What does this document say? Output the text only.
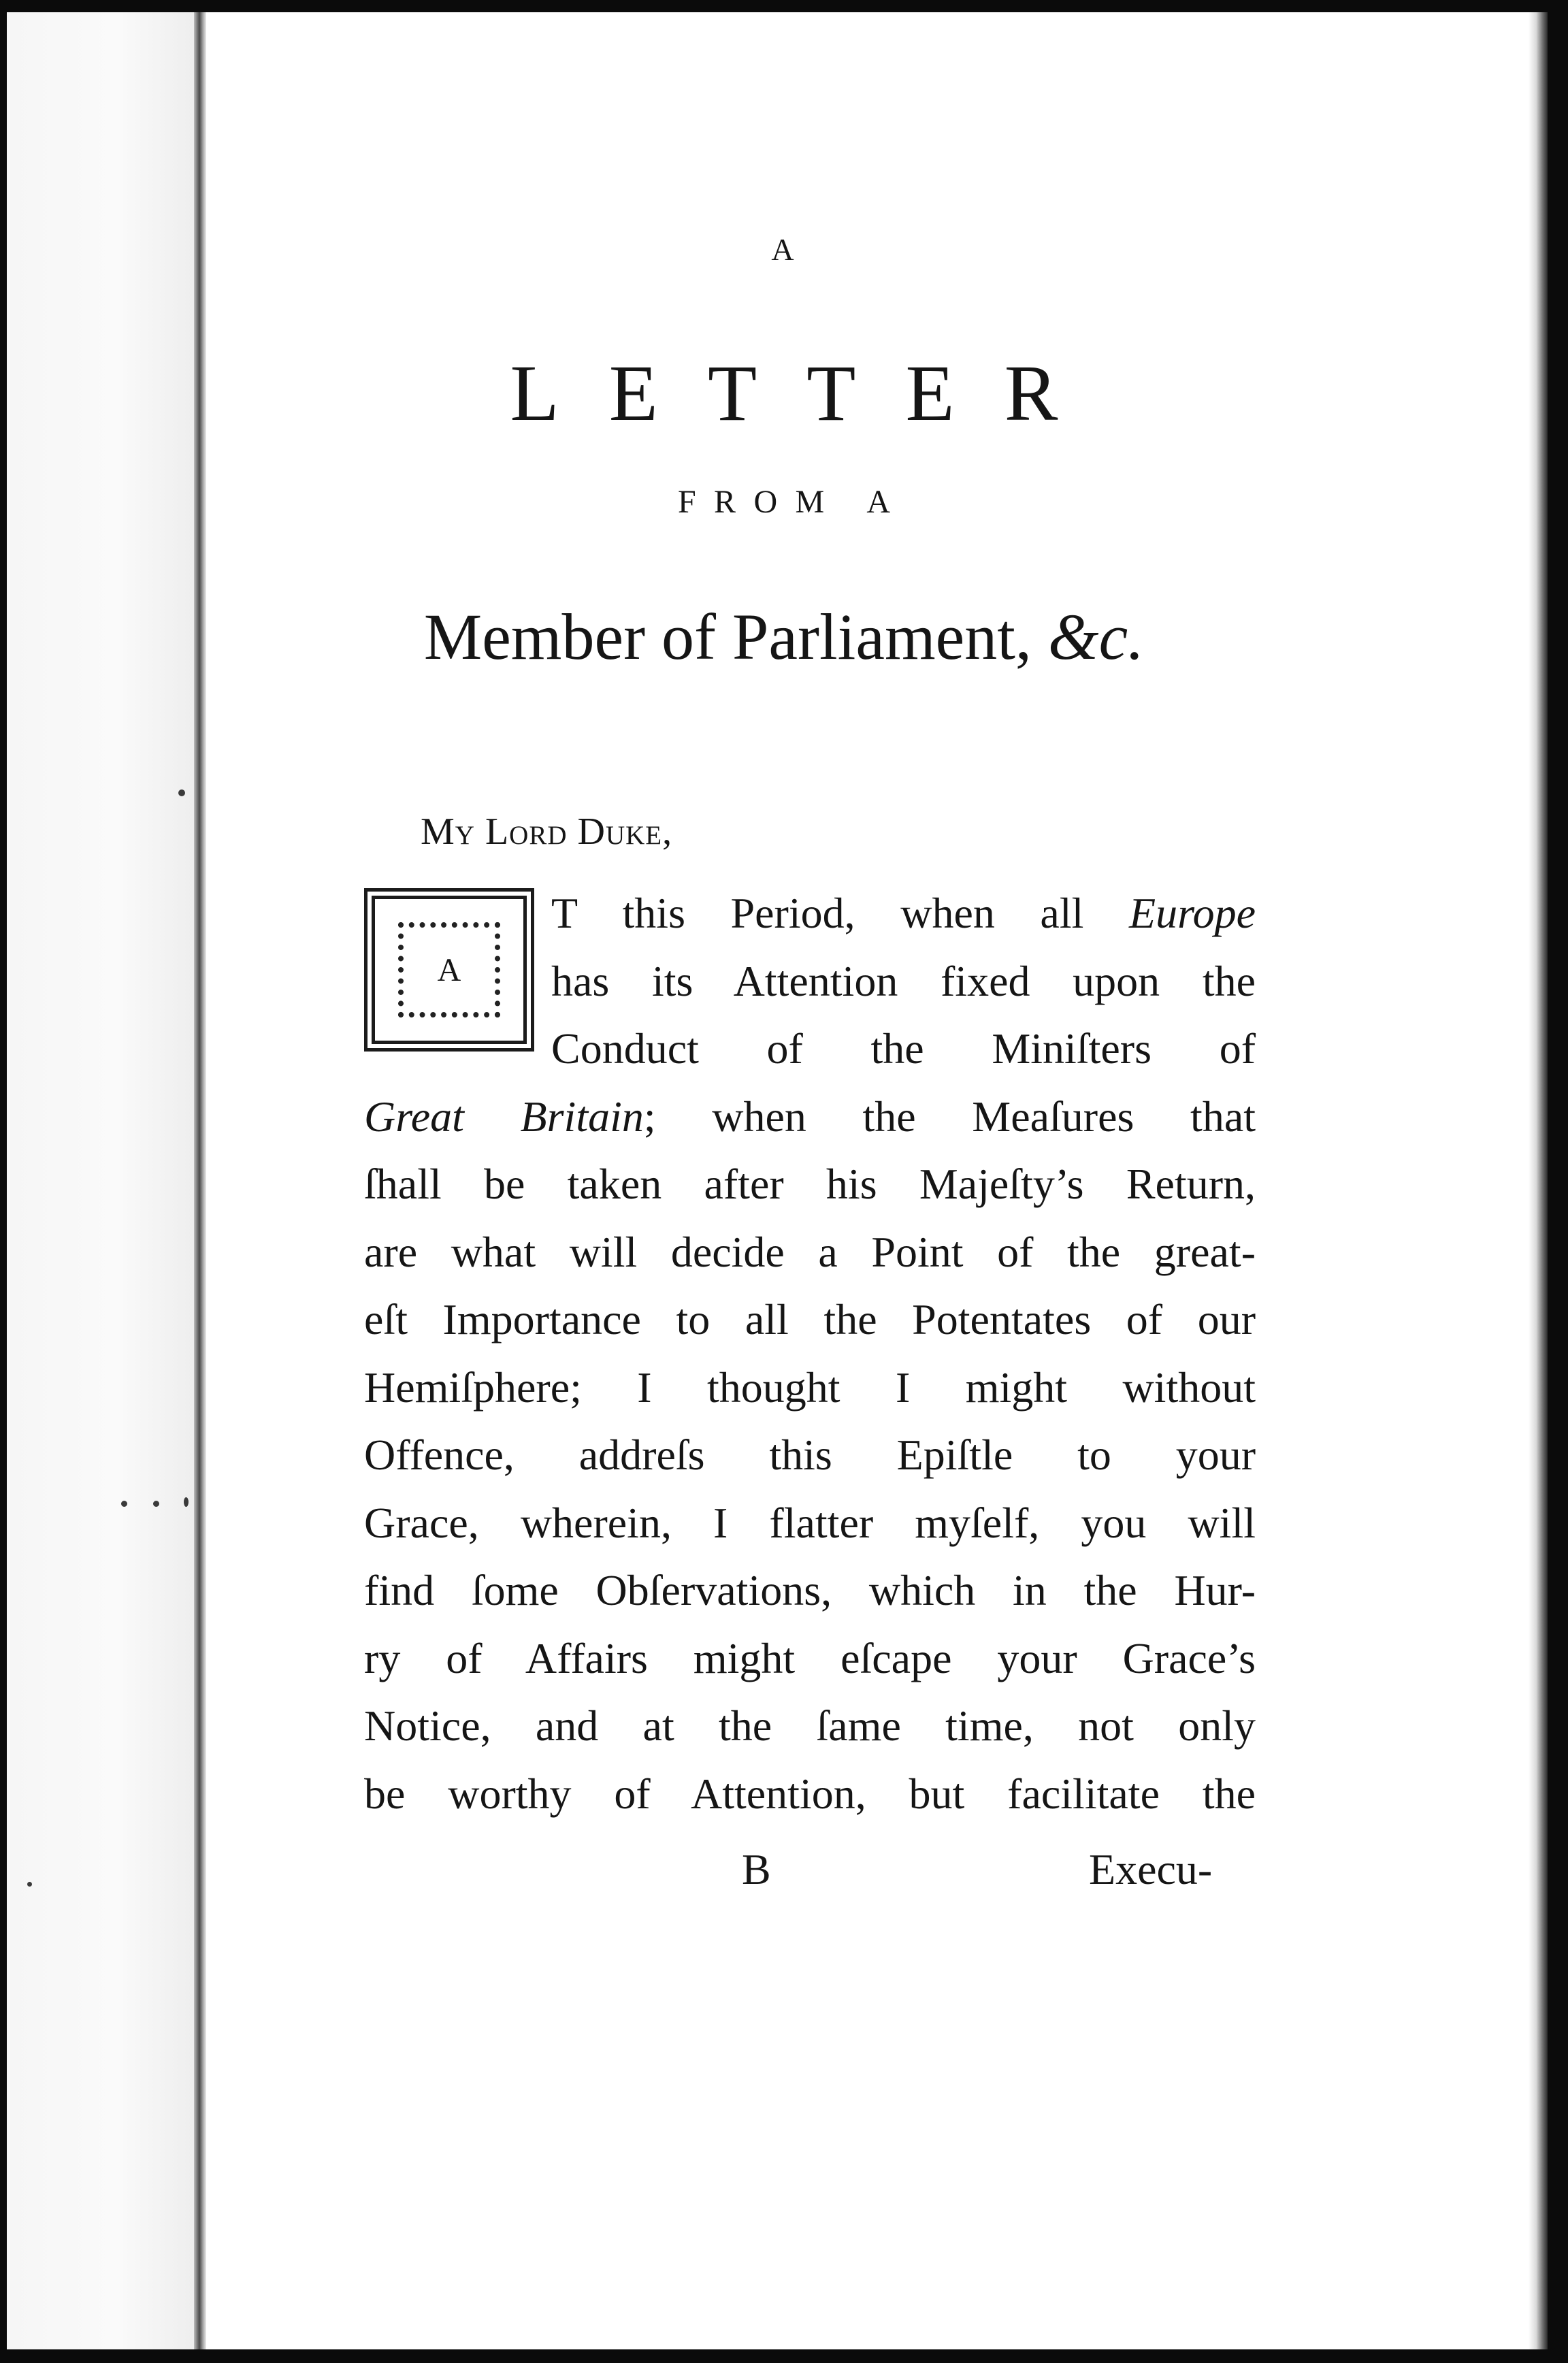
A
LETTER
FROM A
Member of Parliament, &c.
My Lord Duke,
A
T this Period, when all Europe
has its Attention fixed upon the
Conduct of the Miniſters of
Great Britain; when the Meaſures that
ſhall be taken after his Majeſty’s Return,
are what will decide a Point of the great-
eſt Importance to all the Potentates of our
Hemiſphere; I thought I might without
Offence, addreſs this Epiſtle to your
Grace, wherein, I flatter myſelf, you will
find ſome Obſervations, which in the Hur-
ry of Affairs might eſcape your Grace’s
Notice, and at the ſame time, not only
be worthy of Attention, but facilitate the
B	Execu-
